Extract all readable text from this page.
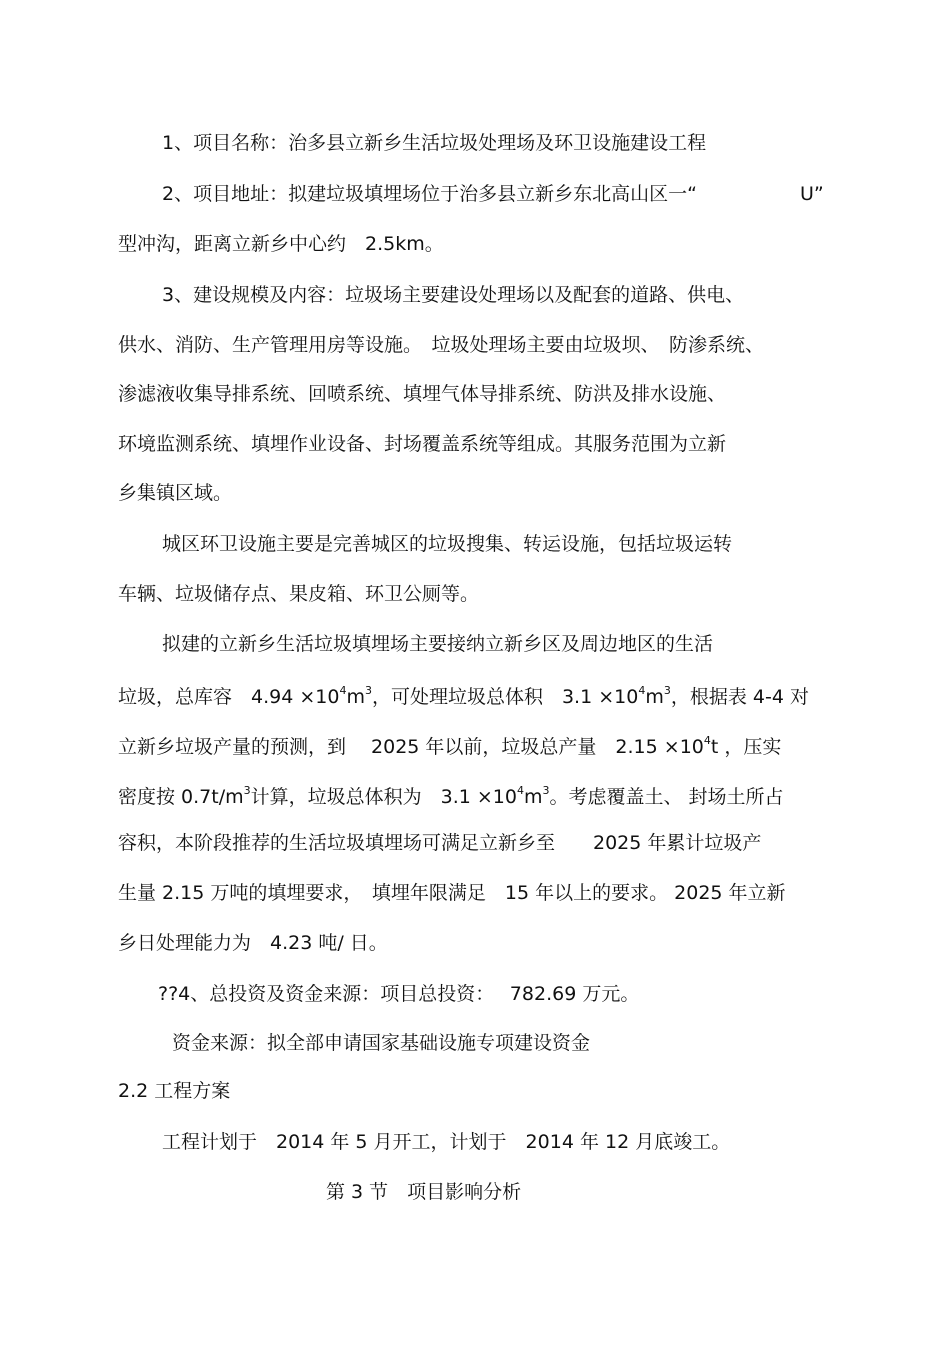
1、项目名称：治多县立新乡生活垃圾处理场及环卫设施建设工程

2、项目地址：拟建垃圾填埋场位于治多县立新乡东北高山区一“	U”

型冲沟，距离立新乡中心约　2.5km。

3、建设规模及内容：垃圾场主要建设处理场以及配套的道路、供电、

供水、消防、生产管理用房等设施。　垃圾处理场主要由垃圾坝、　防渗系统、

渗滤液收集导排系统、回喷系统、填埋气体导排系统、防洪及排水设施、

环境监测系统、填埋作业设备、封场覆盖系统等组成。其服务范围为立新

乡集镇区域。

城区环卫设施主要是完善城区的垃圾搜集、转运设施，包括垃圾运转

车辆、垃圾储存点、果皮箱、环卫公厕等。

拟建的立新乡生活垃圾填埋场主要接纳立新乡区及周边地区的生活

垃圾，总库容　$4.94 \times 10^4m^3$，可处理垃圾总体积　$3.1 \times 10^4m^3$，根据表 4-4 对

立新乡垃圾产量的预测，到　 2025 年以前，垃圾总产量　$2.15 \times 10^4t$ ，压实

密度按 $0.7t/m^3$计算，垃圾总体积为　$3.1 \times 10^4m^3$。考虑覆盖土、 封场土所占

容积，本阶段推荐的生活垃圾填埋场可满足立新乡至　　2025 年累计垃圾产

生量 2.15 万吨的填埋要求，　填埋年限满足　15 年以上的要求。 2025 年立新

乡日处理能力为　4.23 吨/ 日。

??4、总投资及资金来源：项目总投资：　 782.69 万元。

资金来源：拟全部申请国家基础设施专项建设资金

2.2 工程方案

工程计划于　2014 年 5 月开工，计划于　2014 年 12 月底竣工。

第 3 节　项目影响分析
